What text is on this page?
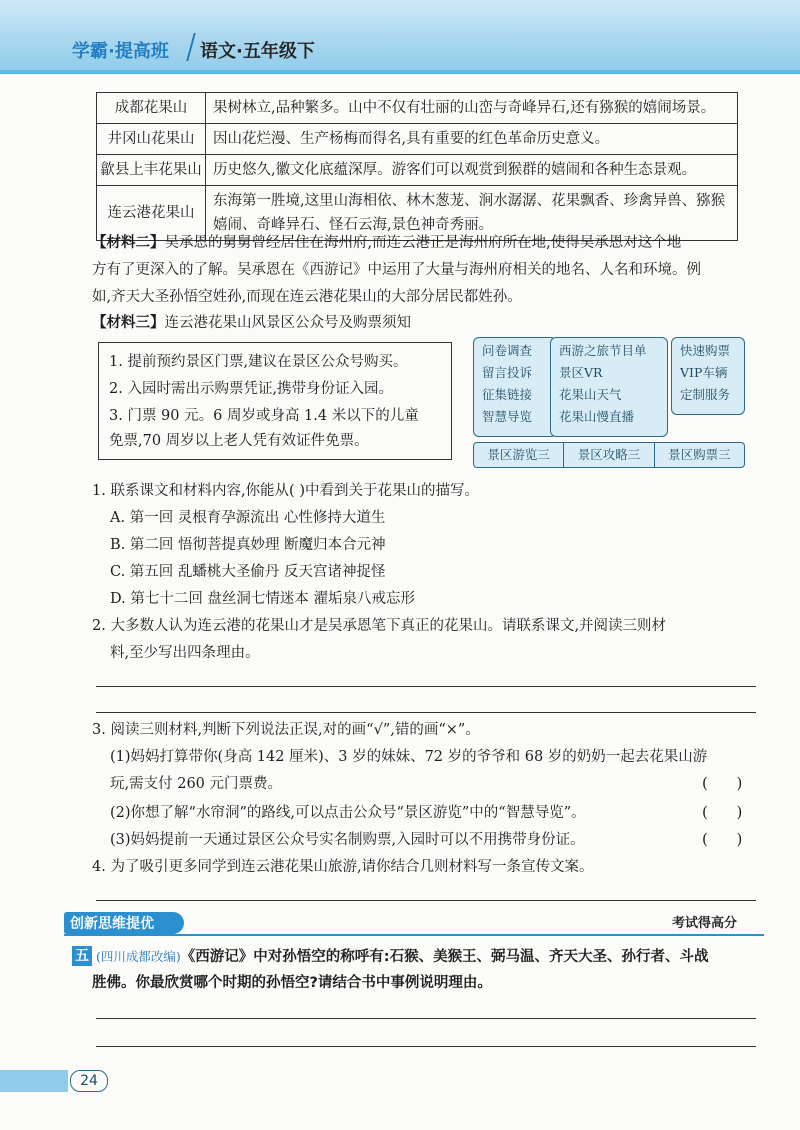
学霸·提高班 语文·五年级下
成都花果山	果树林立,品种繁多。山中不仅有壮丽的山峦与奇峰异石,还有猕猴的嬉闹场景。
井冈山花果山	因山花烂漫、生产杨梅而得名,具有重要的红色革命历史意义。
歙县上丰花果山	历史悠久,徽文化底蕴深厚。游客们可以观赏到猴群的嬉闹和各种生态景观。
连云港花果山	东海第一胜境,这里山海相依、林木葱茏、涧水潺潺、花果飘香、珍禽异兽、猕猴嬉闹、奇峰异石、怪石云海,景色神奇秀丽。
【材料二】吴承恩的舅舅曾经居住在海州府,而连云港正是海州府所在地,使得吴承恩对这个地
方有了更深入的了解。吴承恩在《西游记》中运用了大量与海州府相关的地名、人名和环境。例
如,齐天大圣孙悟空姓孙,而现在连云港花果山的大部分居民都姓孙。
【材料三】连云港花果山风景区公众号及购票须知
1. 提前预约景区门票,建议在景区公众号购买。
2. 入园时需出示购票凭证,携带身份证入园。
3. 门票 90 元。6 周岁或身高 1.4 米以下的儿童
免票,70 周岁以上老人凭有效证件免票。
问卷调查
留言投诉
征集链接
智慧导览
西游之旅节目单
景区VR
花果山天气
花果山慢直播
快速购票
VIP车辆
定制服务
景区游览三	景区攻略三	景区购票三
1. 联系课文和材料内容,你能从( )中看到关于花果山的描写。
A. 第一回 灵根育孕源流出 心性修持大道生
B. 第二回 悟彻菩提真妙理 断魔归本合元神
C. 第五回 乱蟠桃大圣偷丹 反天宫诸神捉怪
D. 第七十二回 盘丝洞七情迷本 濯垢泉八戒忘形
2. 大多数人认为连云港的花果山才是吴承恩笔下真正的花果山。请联系课文,并阅读三则材
料,至少写出四条理由。
3. 阅读三则材料,判断下列说法正误,对的画“√”,错的画“×”。
(1)妈妈打算带你(身高 142 厘米)、3 岁的妹妹、72 岁的爷爷和 68 岁的奶奶一起去花果山游
玩,需支付 260 元门票费。	(      )
(2)你想了解“水帘洞”的路线,可以点击公众号“景区游览”中的“智慧导览”。	(      )
(3)妈妈提前一天通过景区公众号实名制购票,入园时可以不用携带身份证。	(      )
4. 为了吸引更多同学到连云港花果山旅游,请你结合几则材料写一条宣传文案。
创新思维提优	考试得高分
五 (四川成都改编)《西游记》中对孙悟空的称呼有:石猴、美猴王、弼马温、齐天大圣、孙行者、斗战
胜佛。你最欣赏哪个时期的孙悟空?请结合书中事例说明理由。
24
